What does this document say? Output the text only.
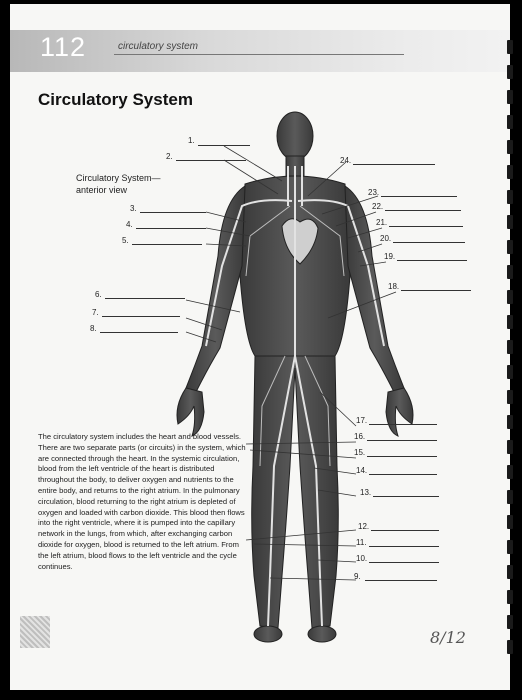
112	circulatory system
Circulatory System
Circulatory System—
anterior view
1.
2.
3.
4.
5.
6.
7.
8.
24.
23.
22.
21.
20.
19.
18.
17.
16.
15.
14.
13.
12.
11.
10.
9.
The circulatory system includes the heart and blood vessels. There are two separate parts (or circuits) in the system, which are connected through the heart. In the systemic circulation, blood from the left ventricle of the heart is distributed throughout the body, to deliver oxygen and nutrients to the entire body, and returns to the right atrium. In the pulmonary circulation, blood returning to the right atrium is depleted of oxygen and loaded with carbon dioxide. This blood then flows into the right ventricle, where it is pumped into the capillary network in the lungs, from which, after exchanging carbon dioxide for oxygen, blood is returned to the left atrium. From the left atrium, blood flows to the left ventricle and the cycle continues.
8/12
